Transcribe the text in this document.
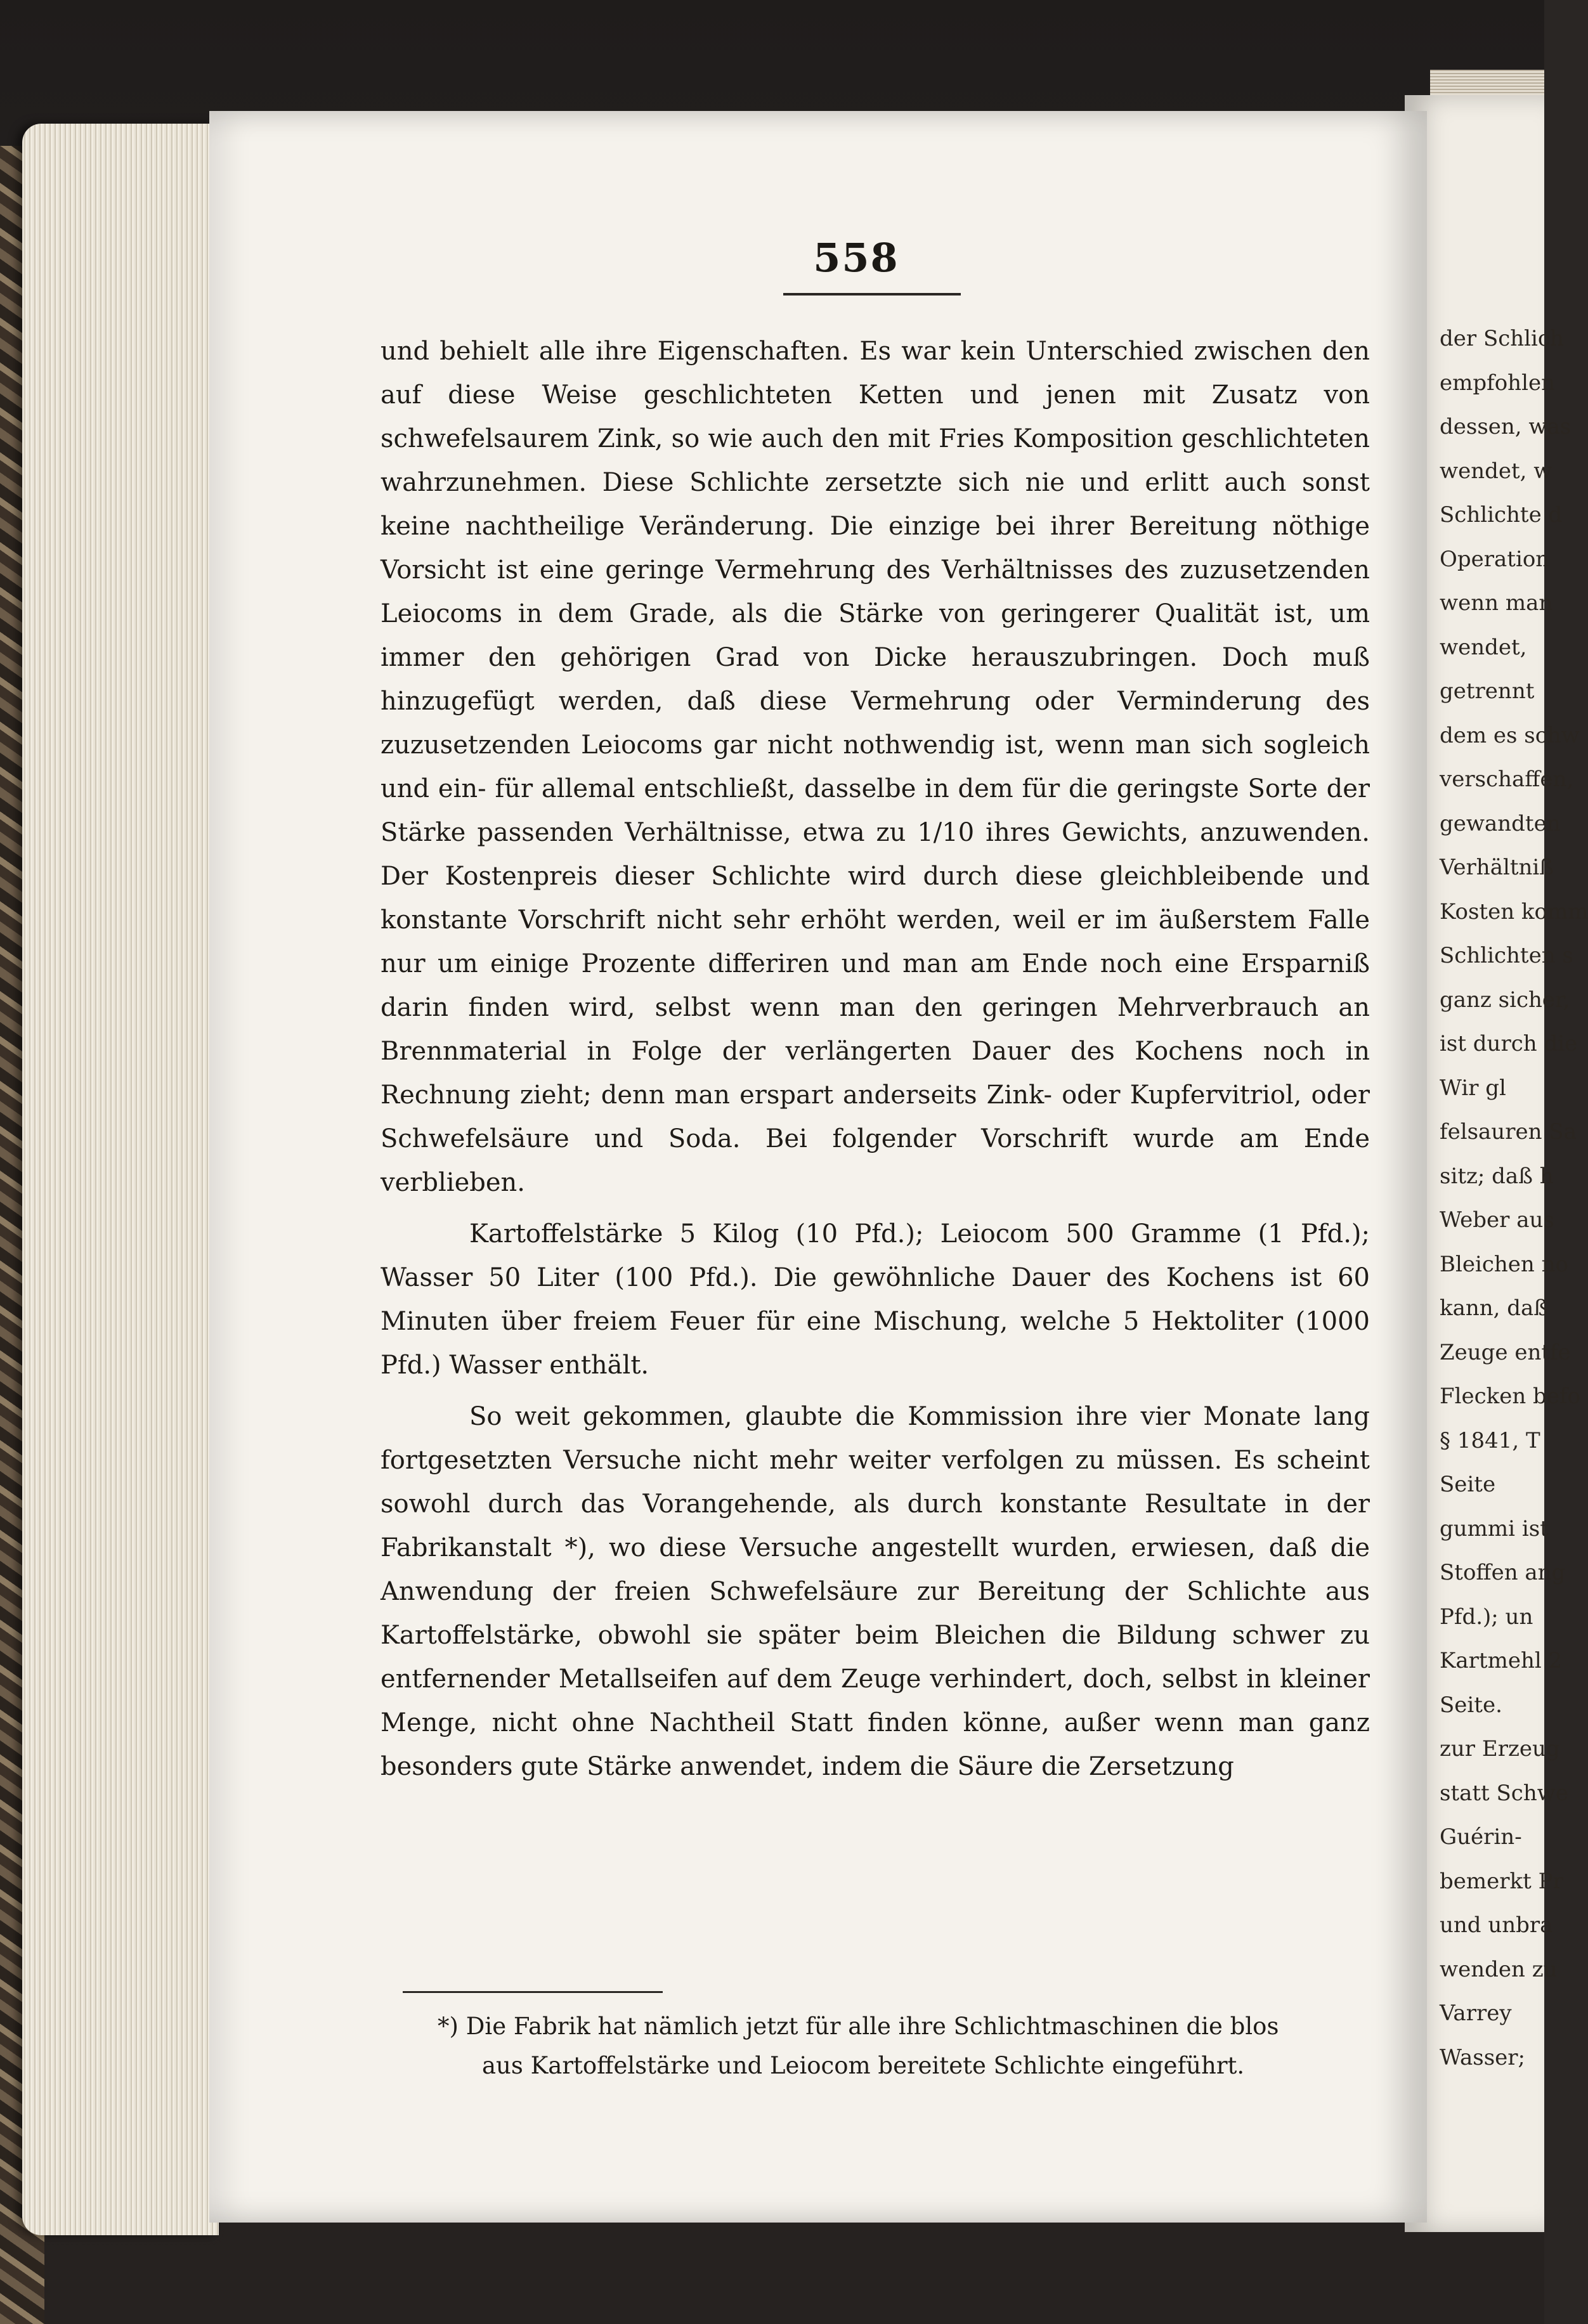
der Schlich
empfohlen
dessen, was
wendet, w
Schlichte d
Operation
wenn man
wendet,
getrennt
dem es schw
verschaffen,
gewandten
Verhältniß
Kosten komm
Schlichten s
ganz sicher,
ist durch die
Wir gl
felsauren Sa
sitz; daß h
Weber aus
Bleichen no
kann, daß
Zeuge entfe
Flecken befo
§ 1841, T
Seite
gummi ist
Stoffen ang
Pfd.); un
Kartmehl 2
Seite.
zur Erzeug
statt Schwe
Guérin-
bemerkt Pr
und unbra
wenden zu
Varrey
Wasser;
558

und behielt alle ihre Eigenschaften. Es war kein Unterschied zwischen den auf diese Weise geschlichteten Ketten und jenen mit Zusatz von schwefelsaurem Zink, so wie auch den mit Fries Komposition geschlichteten wahrzunehmen. Diese Schlichte zersetzte sich nie und erlitt auch sonst keine nachtheilige Veränderung. Die einzige bei ihrer Bereitung nöthige Vorsicht ist eine geringe Vermehrung des Verhältnisses des zuzusetzenden Leiocoms in dem Grade, als die Stärke von geringerer Qualität ist, um immer den gehörigen Grad von Dicke herauszubringen. Doch muß hinzugefügt werden, daß diese Vermehrung oder Verminderung des zuzusetzenden Leiocoms gar nicht nothwendig ist, wenn man sich sogleich und ein- für allemal entschließt, dasselbe in dem für die geringste Sorte der Stärke passenden Verhältnisse, etwa zu 1/10 ihres Gewichts, anzuwenden. Der Kostenpreis dieser Schlichte wird durch diese gleichbleibende und konstante Vorschrift nicht sehr erhöht werden, weil er im äußerstem Falle nur um einige Prozente differiren und man am Ende noch eine Ersparniß darin finden wird, selbst wenn man den geringen Mehrverbrauch an Brennmaterial in Folge der verlängerten Dauer des Kochens noch in Rechnung zieht; denn man erspart anderseits Zink- oder Kupfervitriol, oder Schwefelsäure und Soda. Bei folgender Vorschrift wurde am Ende verblieben.

Kartoffelstärke 5 Kilog (10 Pfd.); Leiocom 500 Gramme (1 Pfd.); Wasser 50 Liter (100 Pfd.). Die gewöhnliche Dauer des Kochens ist 60 Minuten über freiem Feuer für eine Mischung, welche 5 Hektoliter (1000 Pfd.) Wasser enthält.

So weit gekommen, glaubte die Kommission ihre vier Monate lang fortgesetzten Versuche nicht mehr weiter verfolgen zu müssen. Es scheint sowohl durch das Vorangehende, als durch konstante Resultate in der Fabrikanstalt *), wo diese Versuche angestellt wurden, erwiesen, daß die Anwendung der freien Schwefelsäure zur Bereitung der Schlichte aus Kartoffelstärke, obwohl sie später beim Bleichen die Bildung schwer zu entfernender Metallseifen auf dem Zeuge verhindert, doch, selbst in kleiner Menge, nicht ohne Nachtheil Statt finden könne, außer wenn man ganz besonders gute Stärke anwendet, indem die Säure die Zersetzung

*) Die Fabrik hat nämlich jetzt für alle ihre Schlichtmaschinen die blos
aus Kartoffelstärke und Leiocom bereitete Schlichte eingeführt.
